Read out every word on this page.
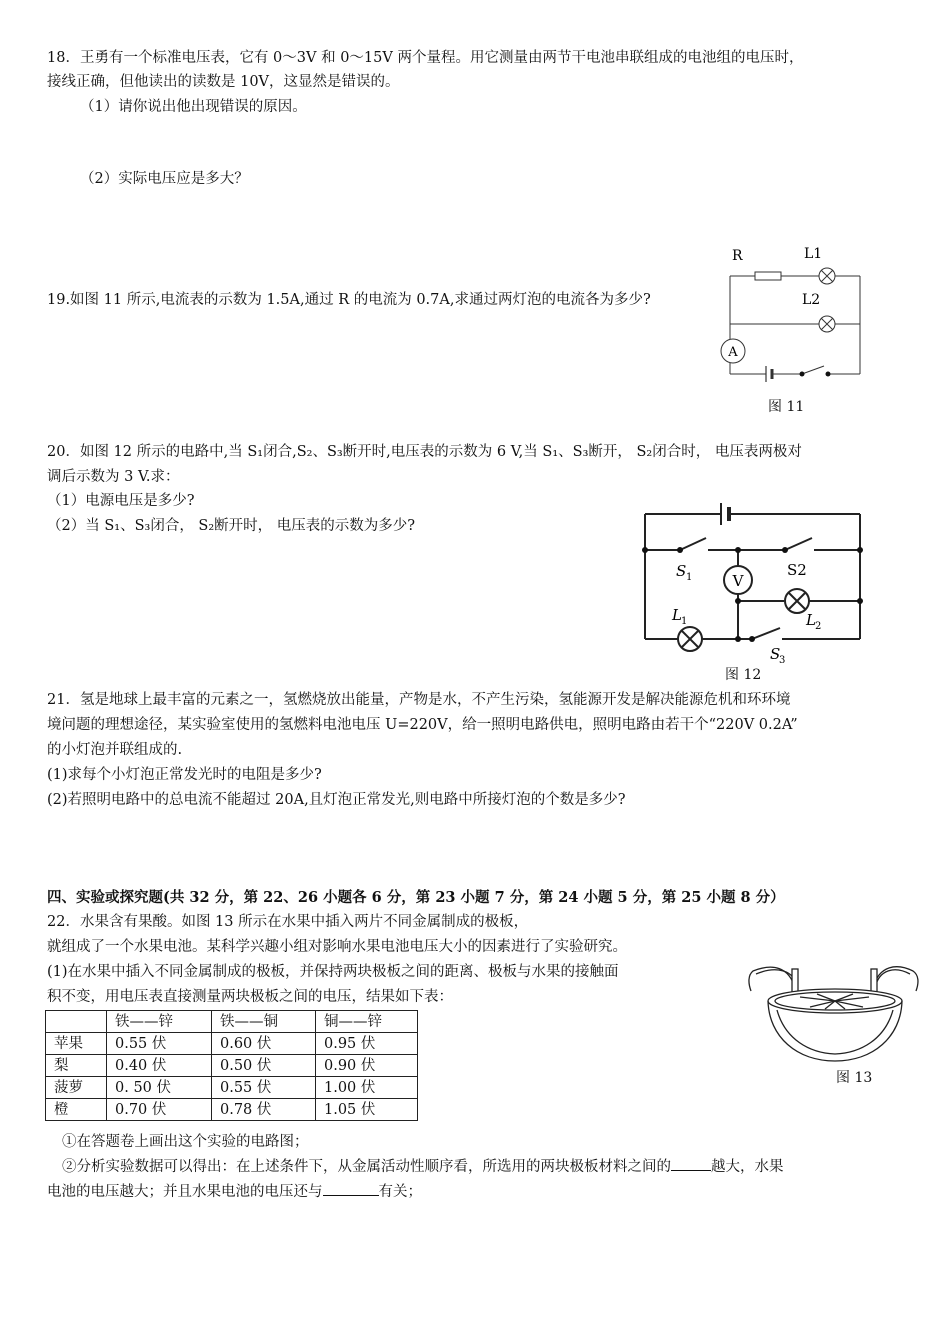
18．王勇有一个标准电压表，它有 0～3V 和 0～15V 两个量程。用它测量由两节干电池串联组成的电池组的电压时，
接线正确，但他读出的读数是 10V，这显然是错误的。
（1）请你说出他出现错误的原因。
（2）实际电压应是多大？
19.如图 11 所示,电流表的示数为 1.5A,通过 R 的电流为 0.7A,求通过两灯泡的电流各为多少?
R	L1
L2
A
图 11
20．如图 12 所示的电路中,当 S₁闭合,S₂、S₃断开时,电压表的示数为 6 V,当 S₁、S₃断开， S₂闭合时， 电压表两极对
调后示数为 3 V.求：
（1）电源电压是多少?
（2）当 S₁、S₃闭合， S₂断开时， 电压表的示数为多少?
V
S 1	S2
L 1	L 2
S
3
图 12
21．氢是地球上最丰富的元素之一，氢燃烧放出能量，产物是水，不产生污染，氢能源开发是解决能源危机和环环境
境问题的理想途径，某实验室使用的氢燃料电池电压 U=220V，给一照明电路供电，照明电路由若干个“220V 0.2A”
的小灯泡并联组成的.
(1)求每个小灯泡正常发光时的电阻是多少?
(2)若照明电路中的总电流不能超过 20A,且灯泡正常发光,则电路中所接灯泡的个数是多少?
四、实验或探究题(共 32 分，第 22、26 小题各 6 分，第 23 小题 7 分，第 24 小题 5 分，第 25 小题 8 分）
22．水果含有果酸。如图 13 所示在水果中插入两片不同金属制成的极板，
就组成了一个水果电池。某科学兴趣小组对影响水果电池电压大小的因素进行了实验研究。
(1)在水果中插入不同金属制成的极板，并保持两块极板之间的距离、极板与水果的接触面
积不变，用电压表直接测量两块极板之间的电压，结果如下表：
	铁——锌	铁——铜	铜——锌
苹果	0.55 伏	0.60 伏	0.95 伏
梨	0.40 伏	0.50 伏	0.90 伏
菠萝	0. 50 伏	0.55 伏	1.00 伏
橙	0.70 伏	0.78 伏	1.05 伏
①在答题卷上画出这个实验的电路图；
②分析实验数据可以得出：在上述条件下，从金属活动性顺序看，所选用的两块极板材料之间的	越大，水果
电池的电压越大；并且水果电池的电压还与	有关；
图 13
